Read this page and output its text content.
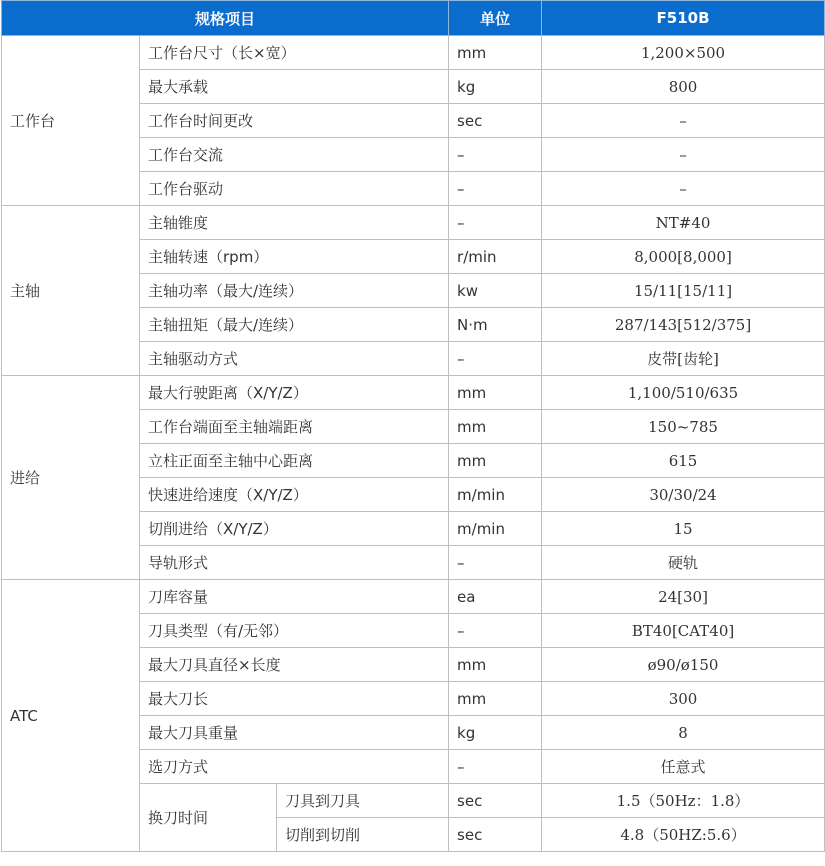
规格项目			单位	F510B
工作台	工作台尺寸（长×宽）		mm	1,200×500
	最大承载		kg	800
	工作台时间更改		sec	–
	工作台交流		–	–
	工作台驱动		–	–
主轴	主轴锥度		–	NT#40
	主轴转速（rpm）		r/min	8,000[8,000]
	主轴功率（最大/连续）		kw	15/11[15/11]
	主轴扭矩（最大/连续）		N·m	287/143[512/375]
	主轴驱动方式		–	皮带[齿轮]
进给	最大行驶距离（X/Y/Z）		mm	1,100/510/635
	工作台端面至主轴端距离		mm	150~785
	立柱正面至主轴中心距离		mm	615
	快速进给速度（X/Y/Z）		m/min	30/30/24
	切削进给（X/Y/Z）		m/min	15
	导轨形式		–	硬轨
ATC	刀库容量		ea	24[30]
	刀具类型（有/无邻）		–	BT40[CAT40]
	最大刀具直径×长度		mm	ø90/ø150
	最大刀长		mm	300
	最大刀具重量		kg	8
	选刀方式		–	任意式
	换刀时间	刀具到刀具	sec	1.5（50Hz：1.8）
		切削到切削	sec	4.8（50HZ:5.6）
